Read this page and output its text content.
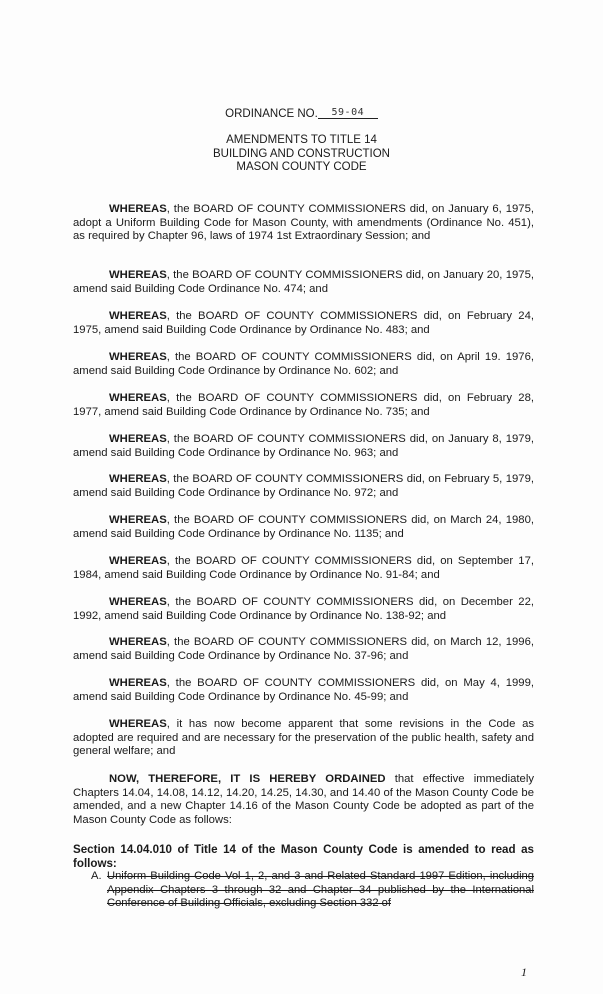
ORDINANCE NO. 59-04
AMENDMENTS TO TITLE 14
BUILDING AND CONSTRUCTION
MASON COUNTY CODE
WHEREAS, the BOARD OF COUNTY COMMISSIONERS did, on January 6, 1975, adopt a Uniform Building Code for Mason County, with amendments (Ordinance No. 451), as required by Chapter 96, laws of 1974 1st Extraordinary Session; and
WHEREAS, the BOARD OF COUNTY COMMISSIONERS did, on January 20, 1975, amend said Building Code Ordinance No. 474; and
WHEREAS, the BOARD OF COUNTY COMMISSIONERS did, on February 24, 1975, amend said Building Code Ordinance by Ordinance No. 483; and
WHEREAS, the BOARD OF COUNTY COMMISSIONERS did, on April 19. 1976, amend said Building Code Ordinance by Ordinance No. 602; and
WHEREAS, the BOARD OF COUNTY COMMISSIONERS did, on February 28, 1977, amend said Building Code Ordinance by Ordinance No. 735; and
WHEREAS, the BOARD OF COUNTY COMMISSIONERS did, on January 8, 1979, amend said Building Code Ordinance by Ordinance No. 963; and
WHEREAS, the BOARD OF COUNTY COMMISSIONERS did, on February 5, 1979, amend said Building Code Ordinance by Ordinance No. 972; and
WHEREAS, the BOARD OF COUNTY COMMISSIONERS did, on March 24, 1980, amend said Building Code Ordinance by Ordinance No. 1135; and
WHEREAS, the BOARD OF COUNTY COMMISSIONERS did, on September 17, 1984, amend said Building Code Ordinance by Ordinance No. 91-84; and
WHEREAS, the BOARD OF COUNTY COMMISSIONERS did, on December 22, 1992, amend said Building Code Ordinance by Ordinance No. 138-92; and
WHEREAS, the BOARD OF COUNTY COMMISSIONERS did, on March 12, 1996, amend said Building Code Ordinance by Ordinance No. 37-96; and
WHEREAS, the BOARD OF COUNTY COMMISSIONERS did, on May 4, 1999, amend said Building Code Ordinance by Ordinance No. 45-99; and
WHEREAS, it has now become apparent that some revisions in the Code as adopted are required and are necessary for the preservation of the public health, safety and general welfare; and
NOW, THEREFORE, IT IS HEREBY ORDAINED that effective immediately Chapters 14.04, 14.08, 14.12, 14.20, 14.25, 14.30, and 14.40 of the Mason County Code be amended, and a new Chapter 14.16 of the Mason County Code be adopted as part of the Mason County Code as follows:
Section 14.04.010 of Title 14 of the Mason County Code is amended to read as follows:
A. Uniform Building Code Vol 1, 2, and 3 and Related Standard 1997 Edition, including Appendix Chapters 3 through 32 and Chapter 34 published by the International Conference of Building Officials, excluding Section 332 of
1
